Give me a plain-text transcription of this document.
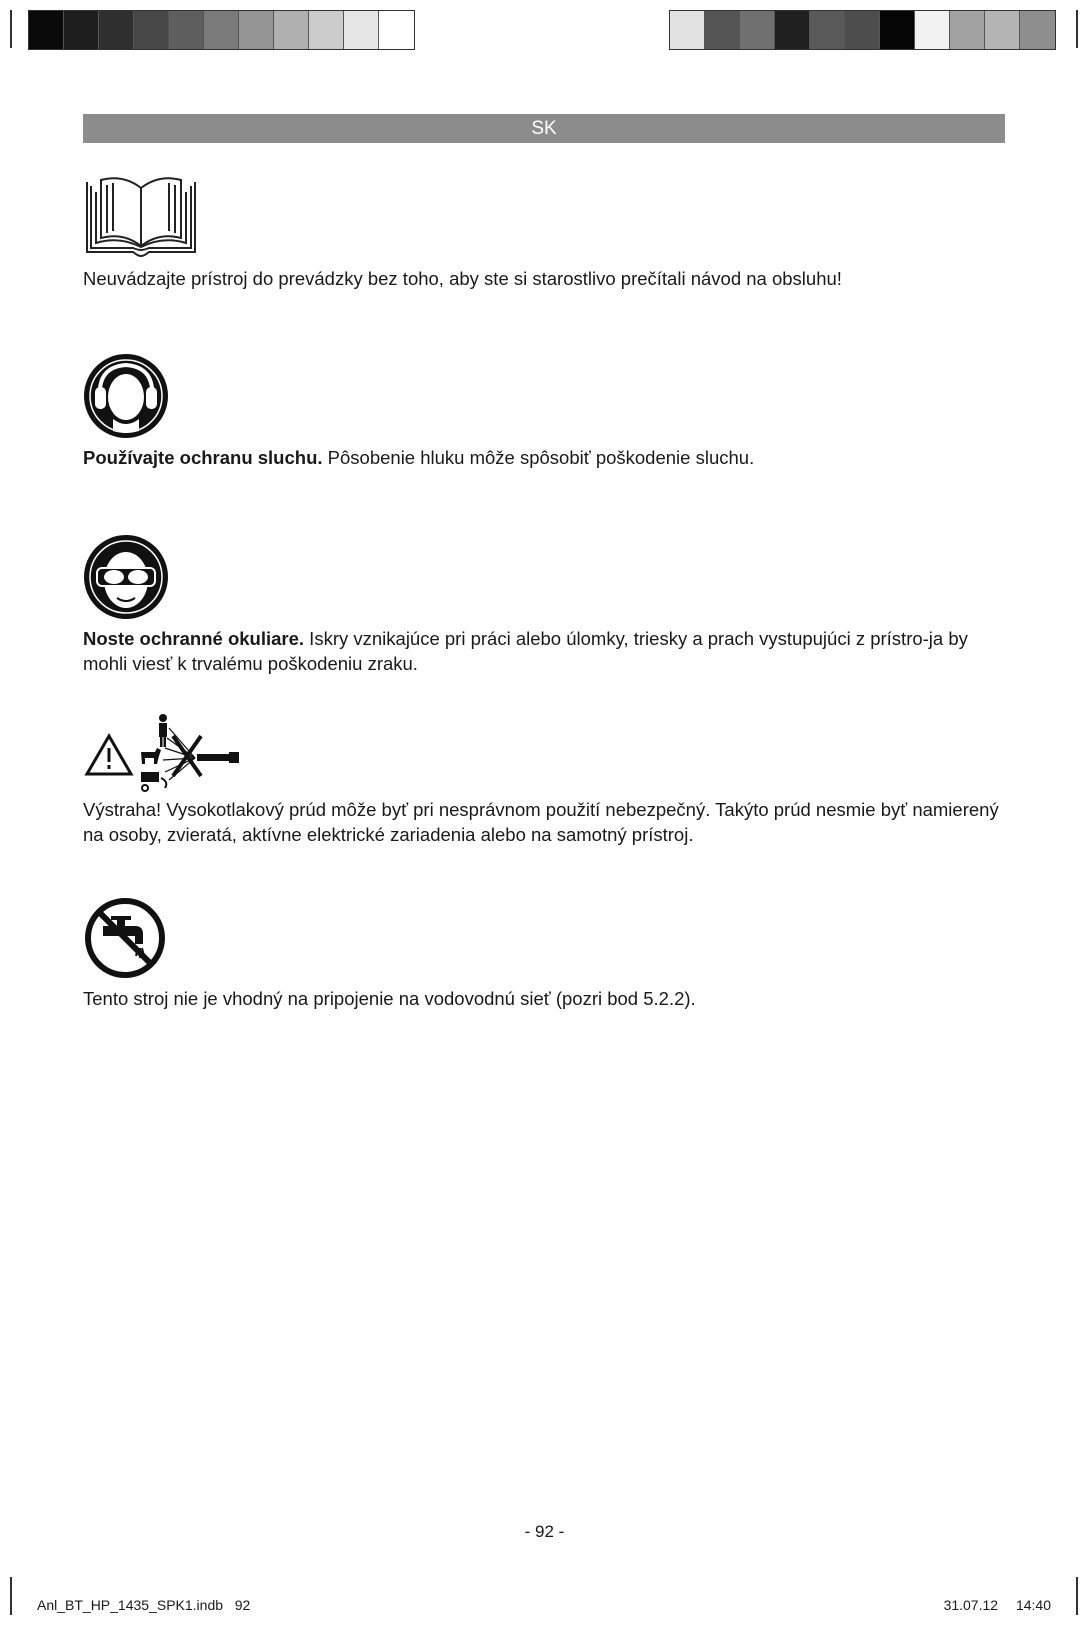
SK

Neuvádzajte prístroj do prevádzky bez toho, aby ste si starostlivo prečítali návod na obsluhu!

Používajte ochranu sluchu. Pôsobenie hluku môže spôsobiť poškodenie sluchu.

Noste ochranné okuliare. Iskry vznikajúce pri práci alebo úlomky, triesky a prach vystupujúci z prístro-ja by mohli viesť k trvalému poškodeniu zraku.

Výstraha! Vysokotlakový prúd môže byť pri nesprávnom použití nebezpečný. Takýto prúd nesmie byť namierený na osoby, zvieratá, aktívne elektrické zariadenia alebo na samotný prístroj.

Tento stroj nie je vhodný na pripojenie na vodovodnú sieť (pozri bod 5.2.2).

- 92 -
Anl_BT_HP_1435_SPK1.indb   92	31.07.12 14:40
